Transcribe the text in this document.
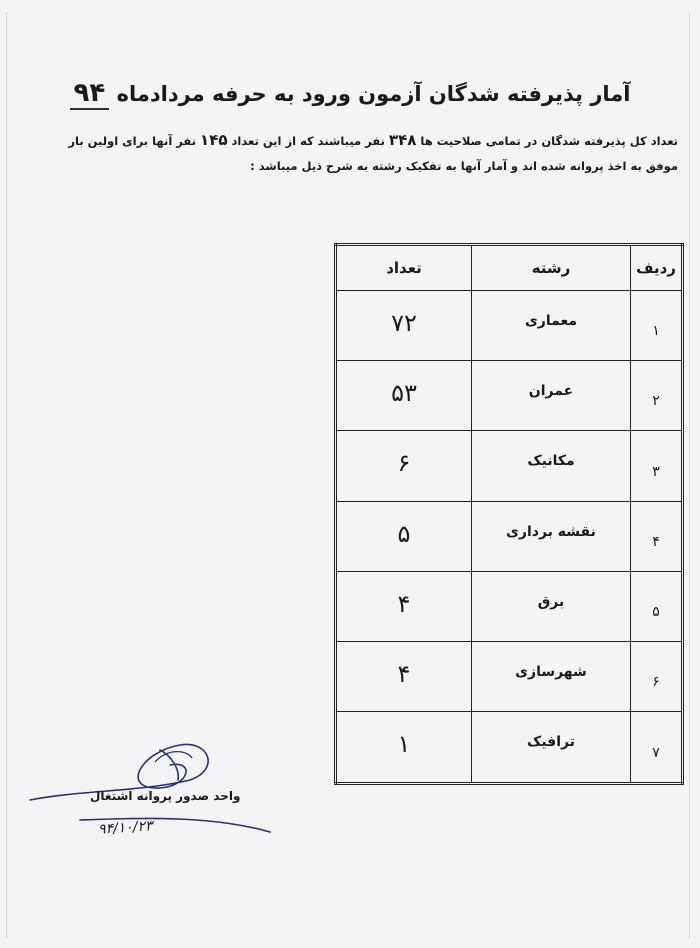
آمار پذیرفته شدگان آزمون ورود به حرفه مردادماه ۹۴
تعداد کل پذیرفته شدگان در تمامی صلاحیت ها ۳۴۸ نفر میباشند که از این تعداد ۱۴۵ نفر آنها برای اولین بار موفق به اخذ پروانه شده اند و آمار آنها به تفکیک رشته به شرح ذیل میباشد :
ردیف	رشته	تعداد
۱	معماری	۷۲
۲	عمران	۵۳
۳	مکانیک	۶
۴	نقشه برداری	۵
۵	برق	۴
۶	شهرسازی	۴
۷	ترافیک	۱
واحد صدور پروانه اشتغال
۹۴/۱۰/۲۳
